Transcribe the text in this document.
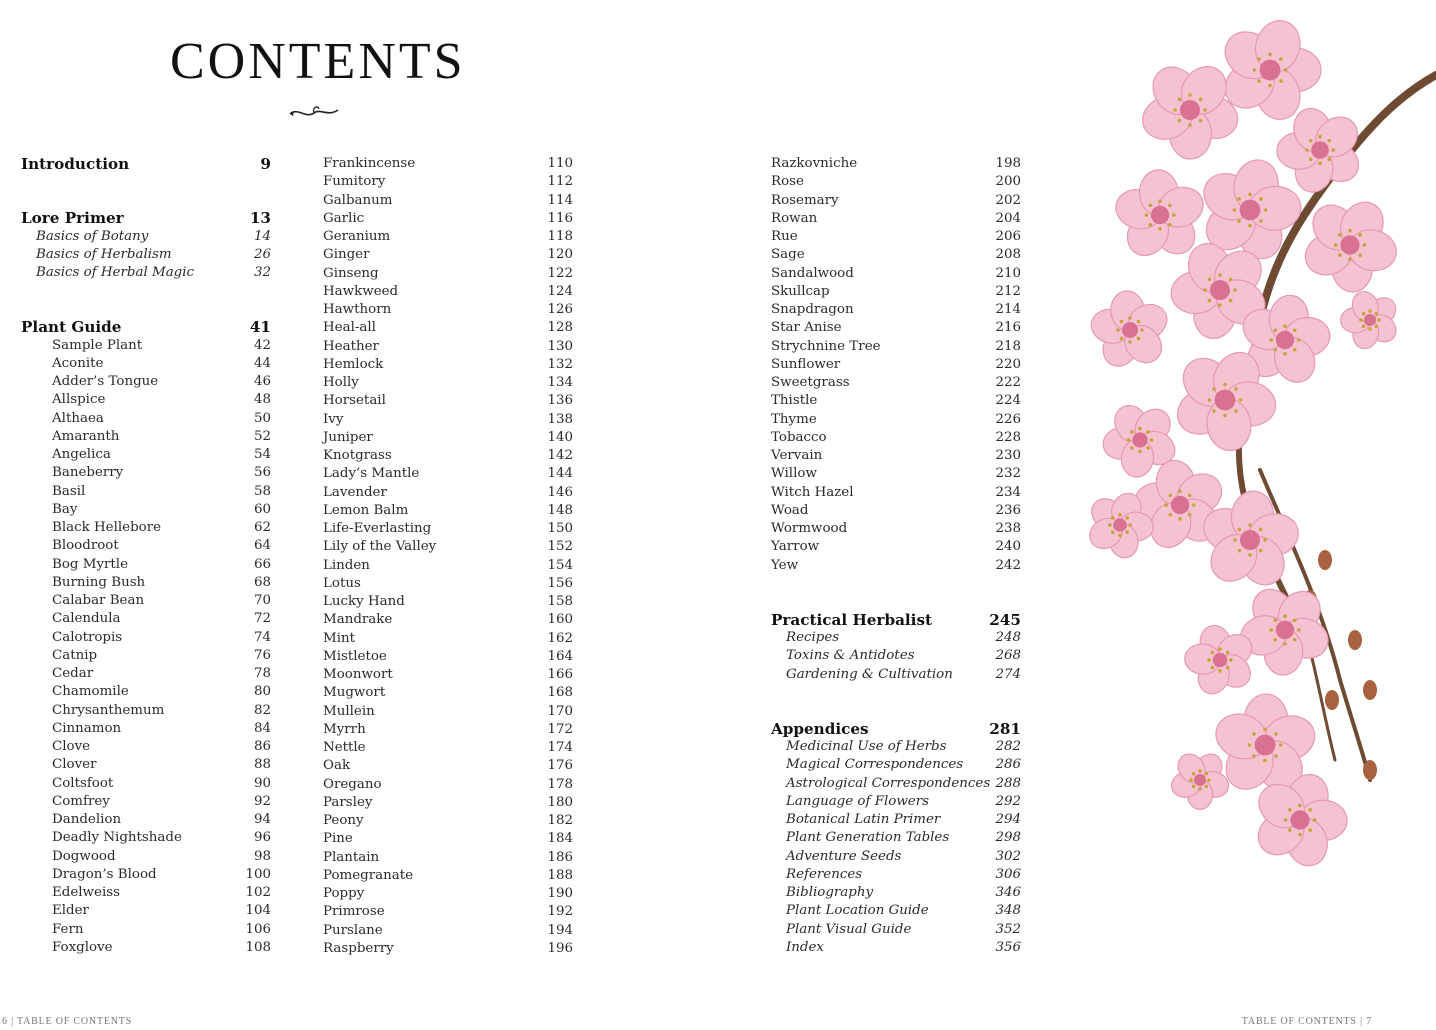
CONTENTS
Introduction	9
Lore Primer	13
Basics of Botany	14
Basics of Herbalism	26
Basics of Herbal Magic	32
Plant Guide	41
Sample Plant	42
Aconite	44
Adder’s Tongue	46
Allspice	48
Althaea	50
Amaranth	52
Angelica	54
Baneberry	56
Basil	58
Bay	60
Black Hellebore	62
Bloodroot	64
Bog Myrtle	66
Burning Bush	68
Calabar Bean	70
Calendula	72
Calotropis	74
Catnip	76
Cedar	78
Chamomile	80
Chrysanthemum	82
Cinnamon	84
Clove	86
Clover	88
Coltsfoot	90
Comfrey	92
Dandelion	94
Deadly Nightshade	96
Dogwood	98
Dragon’s Blood	100
Edelweiss	102
Elder	104
Fern	106
Foxglove	108
Frankincense	110
Fumitory	112
Galbanum	114
Garlic	116
Geranium	118
Ginger	120
Ginseng	122
Hawkweed	124
Hawthorn	126
Heal-all	128
Heather	130
Hemlock	132
Holly	134
Horsetail	136
Ivy	138
Juniper	140
Knotgrass	142
Lady’s Mantle	144
Lavender	146
Lemon Balm	148
Life-Everlasting	150
Lily of the Valley	152
Linden	154
Lotus	156
Lucky Hand	158
Mandrake	160
Mint	162
Mistletoe	164
Moonwort	166
Mugwort	168
Mullein	170
Myrrh	172
Nettle	174
Oak	176
Oregano	178
Parsley	180
Peony	182
Pine	184
Plantain	186
Pomegranate	188
Poppy	190
Primrose	192
Purslane	194
Raspberry	196
Razkovniche	198
Rose	200
Rosemary	202
Rowan	204
Rue	206
Sage	208
Sandalwood	210
Skullcap	212
Snapdragon	214
Star Anise	216
Strychnine Tree	218
Sunflower	220
Sweetgrass	222
Thistle	224
Thyme	226
Tobacco	228
Vervain	230
Willow	232
Witch Hazel	234
Woad	236
Wormwood	238
Yarrow	240
Yew	242
Practical Herbalist	245
Recipes	248
Toxins & Antidotes	268
Gardening & Cultivation	274
Appendices	281
Medicinal Use of Herbs	282
Magical Correspondences 286
Astrological Correspondences 288
Language of Flowers	292
Botanical Latin Primer	294
Plant Generation Tables	298
Adventure Seeds	302
References	306
Bibliography	346
Plant Location Guide	348
Plant Visual Guide	352
Index	356
6 | TABLE OF CONTENTS	TABLE OF CONTENTS | 7
